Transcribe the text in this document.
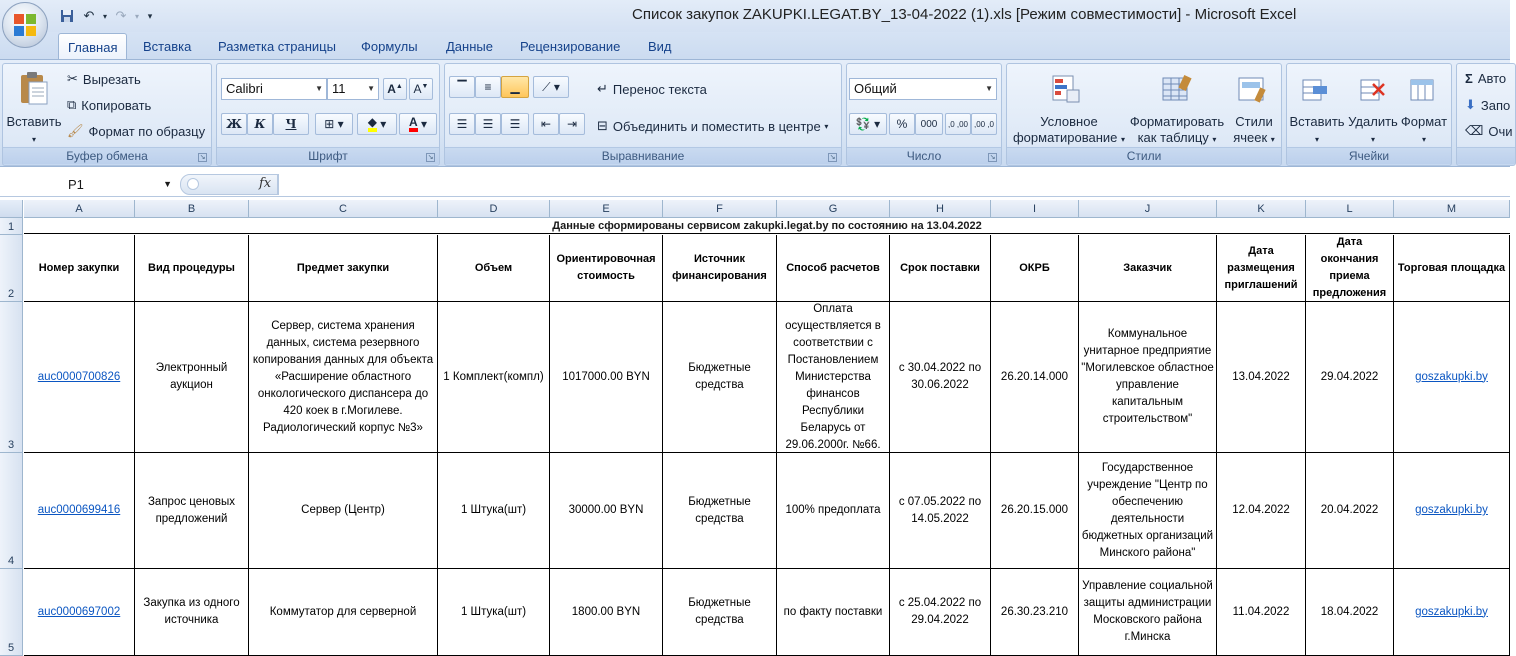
↶	▾ ↷	▾ ▾	Список закупок ZAKUPKI.LEGAT.BY_13-04-2022 (1).xls [Режим совместимости] - Microsoft Excel
Главная	Вставка Разметка страницы Формулы Данные Рецензирование Вид
Вставить
▾
✂ Вырезать
⧉ Копировать
🖌 Формат по образцу
Буфер обмена	↘
Calibri	▼ 11	▼ A▲ A▼
Ж	К	Ч	⊞ ▾ ◆ ▾	A ▾
Шрифт	↘
▔ ≡ ▁ ⟋ ▾
☰ ☰ ☰ ⇤ ⇥
↵ Перенос текста
⊟ Объединить и поместить в центре
▾
Выравнивание	↘
Общий	▼
💱 ▾	%	000	,0 ,00 ,00 ,0
Число	↘
Условное
форматирование ▾
Форматировать
как таблицу ▾
Стили
ячеек ▾
Стили
Вставить
▾
Удалить
▾
Формат
▾
Ячейки
Σ Авто
⬇ Запо
⌫ Очи
P1	▼	fx
A	B	C	D	E	F	G	H	I	J	K	L	M
1
2
3
4
5
Данные сформированы сервисом zakupki.legat.by по состоянию на 13.04.2022
Номер закупки	Вид процедуры	Предмет закупки	Объем
Ориентировочная стоимость
Источник финансирования
Способ расчетов Срок поставки	ОКРБ	Заказчик
Дата размещения приглашений
Дата окончания приема предложения
Торговая площадка
auc0000700826
Электронный аукцион
Сервер, система хранения данных, система резервного копирования данных для объекта «Расширение областного онкологического диспансера до 420 коек в г.Могилеве. Радиологический корпус №3»
1 Комплект(компл) 1017000.00 BYN
Бюджетные средства
Оплата осуществляется в соответствии с Постановлением Министерства финансов Республики Беларусь от 29.06.2000г. №66.
с 30.04.2022 по 30.06.2022
26.20.14.000
Коммунальное унитарное предприятие "Могилевское областное управление капитальным строительством"
13.04.2022	29.04.2022	goszakupki.by
auc0000699416
Запрос ценовых предложений
Сервер (Центр)	1 Штука(шт)	30000.00 BYN
Бюджетные средства
100% предоплата
с 07.05.2022 по 14.05.2022
26.20.15.000
Государственное учреждение "Центр по обеспечению деятельности бюджетных организаций Минского района"
12.04.2022	20.04.2022	goszakupki.by
auc0000697002
Закупка из одного источника
Коммутатор для серверной	1 Штука(шт)	1800.00 BYN
Бюджетные средства
по факту поставки
с 25.04.2022 по 29.04.2022
26.30.23.210
Управление социальной защиты администрации Московского района г.Минска
11.04.2022	18.04.2022	goszakupki.by
